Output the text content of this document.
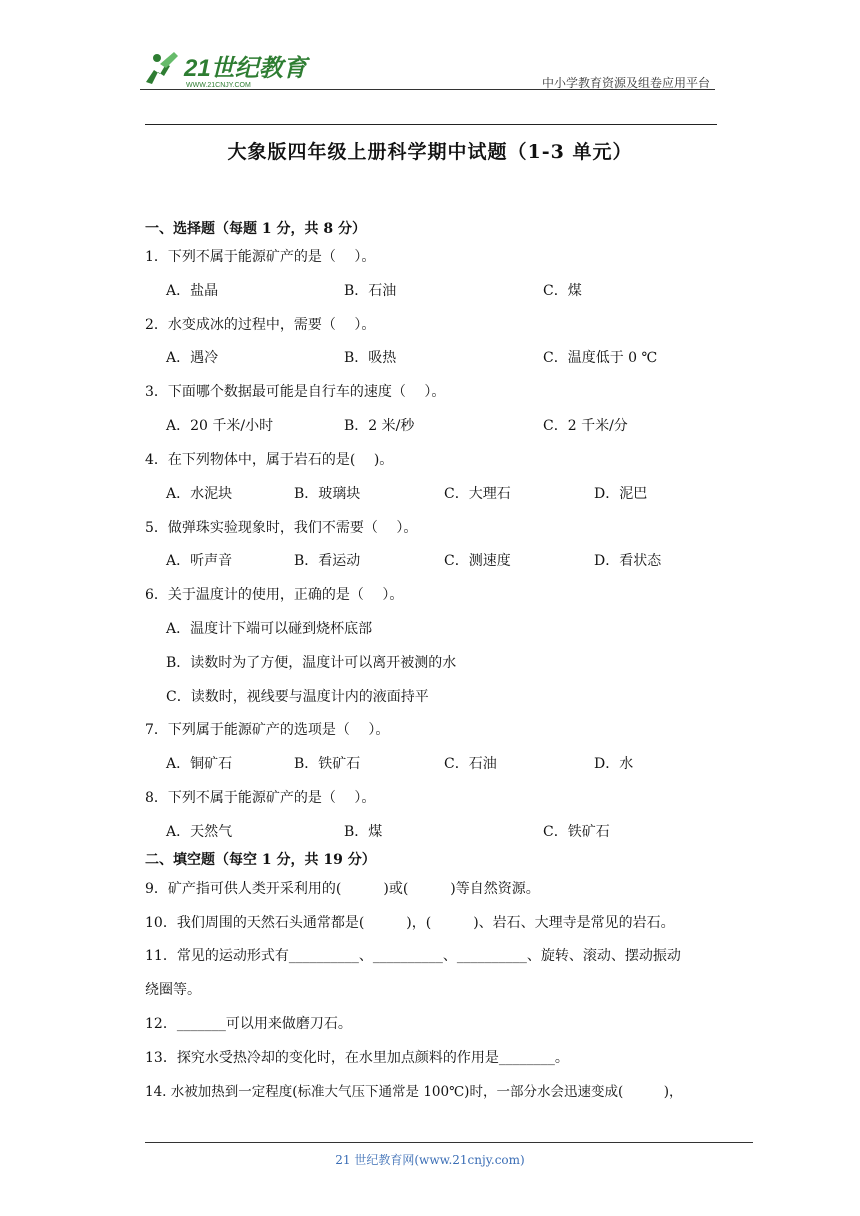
21世纪教育
WWW.21CNJY.COM	中小学教育资源及组卷应用平台
大象版四年级上册科学期中试题（1-3 单元）
一、选择题（每题 1 分，共 8 分）
1．下列不属于能源矿产的是（　 ）。
A．盐晶	B．石油	C．煤
2．水变成冰的过程中，需要（　 ）。
A．遇冷	B．吸热	C．温度低于 0 ℃
3．下面哪个数据最可能是自行车的速度（　 ）。
A．20 千米/小时	B．2 米/秒	C．2 千米/分
4．在下列物体中，属于岩石的是(　 )。
A．水泥块	B．玻璃块	C．大理石	D．泥巴
5．做弹珠实验现象时，我们不需要（　 ）。
A．听声音	B．看运动	C．测速度	D．看状态
6．关于温度计的使用，正确的是（　 ）。
A．温度计下端可以碰到烧杯底部
B．读数时为了方便，温度计可以离开被测的水
C．读数时，视线要与温度计内的液面持平
7．下列属于能源矿产的选项是（　 ）。
A．铜矿石	B．铁矿石	C．石油	D．水
8．下列不属于能源矿产的是（　 ）。
A．天然气	B．煤	C．铁矿石
二、填空题（每空 1 分，共 19 分）
9．矿产指可供人类开采利用的(　　　)或(　　　)等自然资源。
10．我们周围的天然石头通常都是(　　　)，(　　　)、岩石、大理寺是常见的岩石。
11．常见的运动形式有__________、__________、__________、旋转、滚动、摆动振动
绕圈等。
12．_______可以用来做磨刀石。
13．探究水受热冷却的变化时，在水里加点颜料的作用是________。
14. 水被加热到一定程度(标准大气压下通常是 100℃)时，一部分水会迅速变成(　　　)，
21 世纪教育网(www.21cnjy.com)
